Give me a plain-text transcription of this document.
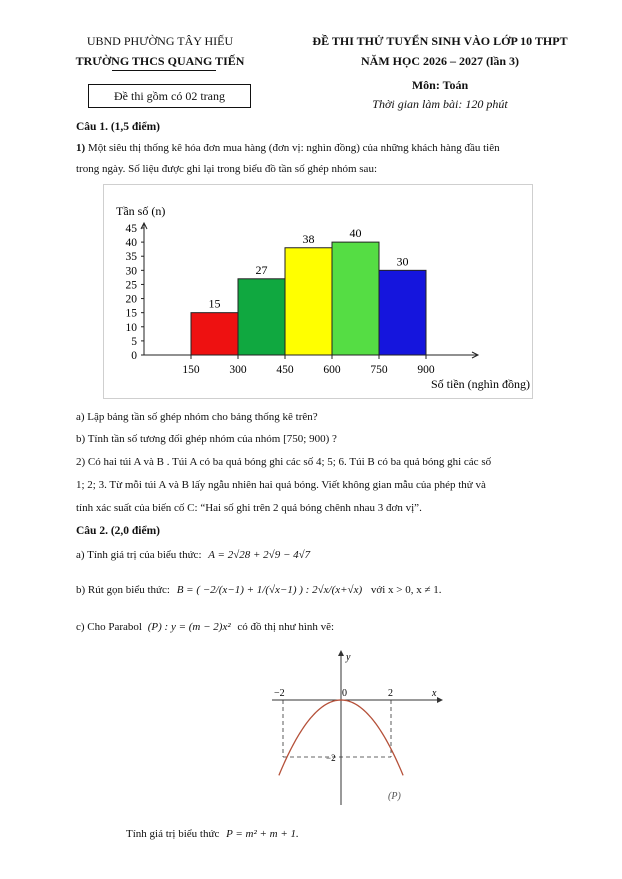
UBND PHƯỜNG TÂY HIẾU
TRƯỜNG THCS QUANG TIẾN
Đề thi gồm có 02 trang
ĐỀ THI THỬ TUYỂN SINH VÀO LỚP 10 THPT
NĂM HỌC 2026 – 2027 (lần 3)
Môn: Toán
Thời gian làm bài: 120 phút
Câu 1. (1,5 điểm)
1) Một siêu thị thống kê hóa đơn mua hàng (đơn vị: nghìn đồng) của những khách hàng đầu tiên
trong ngày. Số liệu được ghi lại trong biểu đồ tần số ghép nhóm sau:
Tần số (n)
0
5
10
15
20
25
30
35
40
45
15
27
38	40
30
150	300	450	600	750	900
Số tiền (nghìn đồng)
a) Lập bảng tần số ghép nhóm cho bảng thống kê trên?
b) Tính tần số tương đối ghép nhóm của nhóm [750; 900) ?
2) Có hai túi A và B . Túi A có ba quả bóng ghi các số 4; 5; 6. Túi B có ba quả bóng ghi các số
1; 2; 3. Từ mỗi túi A và B lấy ngẫu nhiên hai quả bóng. Viết không gian mẫu của phép thử và
tính xác suất của biến cố C: “Hai số ghi trên 2 quả bóng chênh nhau 3 đơn vị”.
Câu 2. (2,0 điểm)
a) Tính giá trị của biểu thức: A = 2√28 + 2√9 − 4√7
b) Rút gọn biểu thức: B = ( −2/(x−1) + 1/(√x−1) ) : 2√x/(x+√x) với x > 0, x ≠ 1.
c) Cho Parabol (P) : y = (m − 2)x² có đồ thị như hình vẽ:
y
x
−2	0	2
−2
(P)
Tính giá trị biểu thức P = m² + m + 1.
